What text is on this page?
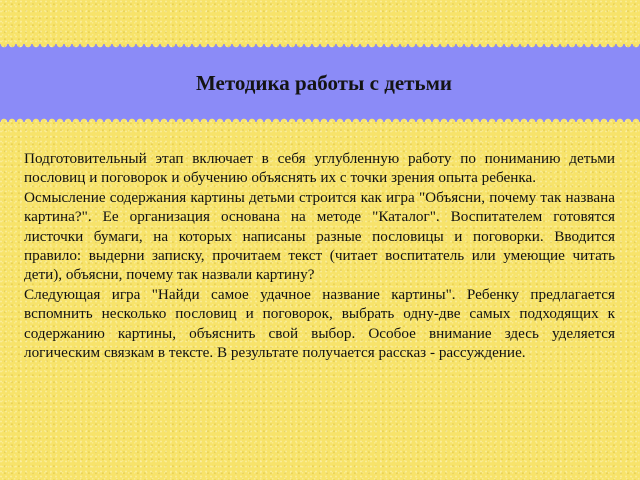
Методика работы с детьми

Подготовительный этап включает в себя углубленную работу по пониманию детьми пословиц и поговорок и обучению объяснять их с точки зрения опыта ребенка.

Осмысление содержания картины детьми строится как игра "Объясни, почему так названа картина?". Ее организация основана на методе "Каталог". Воспитателем готовятся листочки бумаги, на которых написаны разные пословицы и поговорки. Вводится правило: выдерни записку, прочитаем текст (читает воспитатель или умеющие читать дети), объясни, почему так назвали картину?

Следующая игра "Найди самое удачное название картины". Ребенку предлагается вспомнить несколько пословиц и поговорок, выбрать одну-две самых подходящих к содержанию картины, объяснить свой выбор. Особое внимание здесь уделяется логическим связкам в тексте. В результате получается рассказ - рассуждение.
